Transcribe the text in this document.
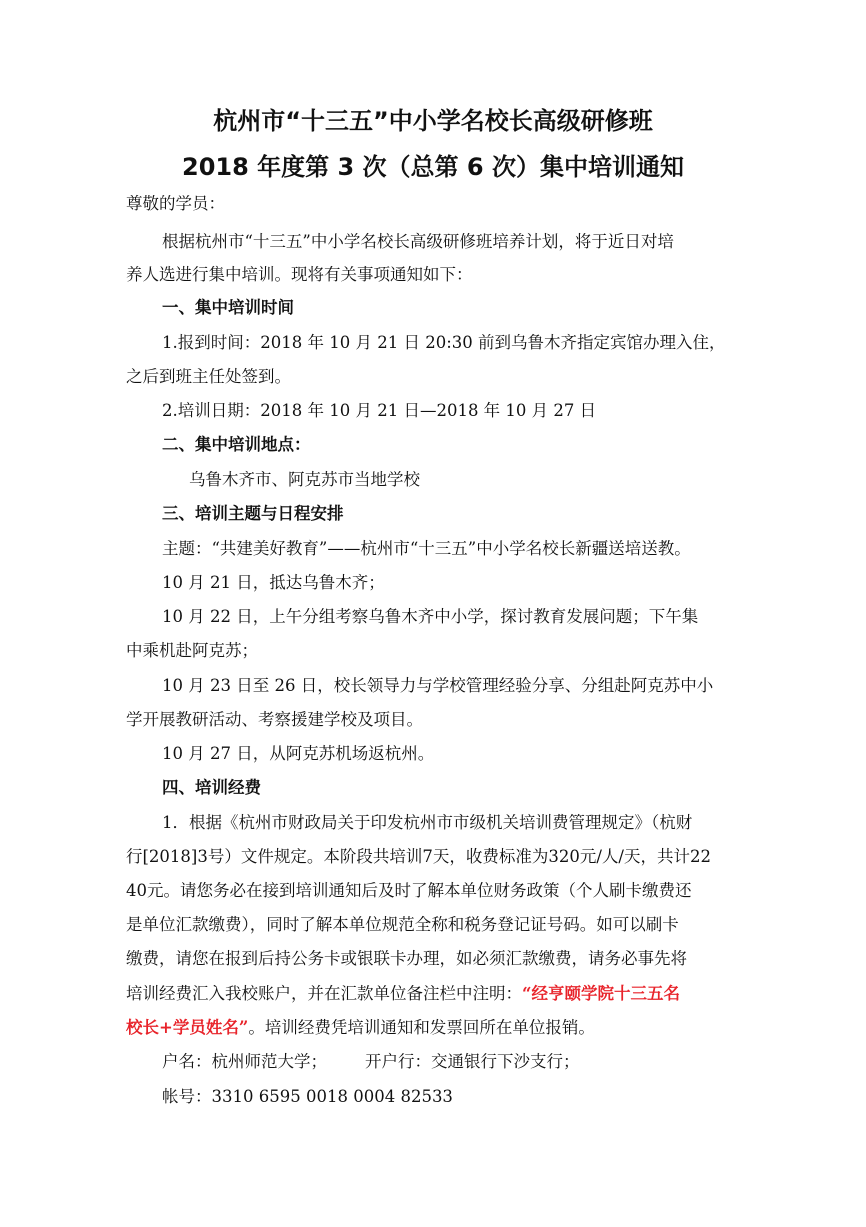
杭州市“十三五”中小学名校长高级研修班
2018 年度第 3 次（总第 6 次）集中培训通知
尊敬的学员：
根据杭州市“十三五”中小学名校长高级研修班培养计划，将于近日对培
养人选进行集中培训。现将有关事项通知如下：
一、集中培训时间
1.报到时间：2018 年 10 月 21 日 20:30 前到乌鲁木齐指定宾馆办理入住，
之后到班主任处签到。
2.培训日期：2018 年 10 月 21 日—2018 年 10 月 27 日
二、集中培训地点：
乌鲁木齐市、阿克苏市当地学校
三、培训主题与日程安排
主题：“共建美好教育”——杭州市“十三五”中小学名校长新疆送培送教。
10 月 21 日，抵达乌鲁木齐；
10 月 22 日，上午分组考察乌鲁木齐中小学，探讨教育发展问题；下午集
中乘机赴阿克苏；
10 月 23 日至 26 日，校长领导力与学校管理经验分享、分组赴阿克苏中小
学开展教研活动、考察援建学校及项目。
10 月 27 日，从阿克苏机场返杭州。
四、培训经费
1．根据《杭州市财政局关于印发杭州市市级机关培训费管理规定》（杭财
行[2018]3号）文件规定。本阶段共培训7天，收费标准为320元/人/天，共计22
40元。请您务必在接到培训通知后及时了解本单位财务政策（个人刷卡缴费还
是单位汇款缴费），同时了解本单位规范全称和税务登记证号码。如可以刷卡
缴费，请您在报到后持公务卡或银联卡办理，如必须汇款缴费，请务必事先将
培训经费汇入我校账户，并在汇款单位备注栏中注明：“经亨颐学院十三五名
校长+学员姓名”。培训经费凭培训通知和发票回所在单位报销。
户名：杭州师范大学； 开户行：交通银行下沙支行；
帐号：3310 6595 0018 0004 82533
